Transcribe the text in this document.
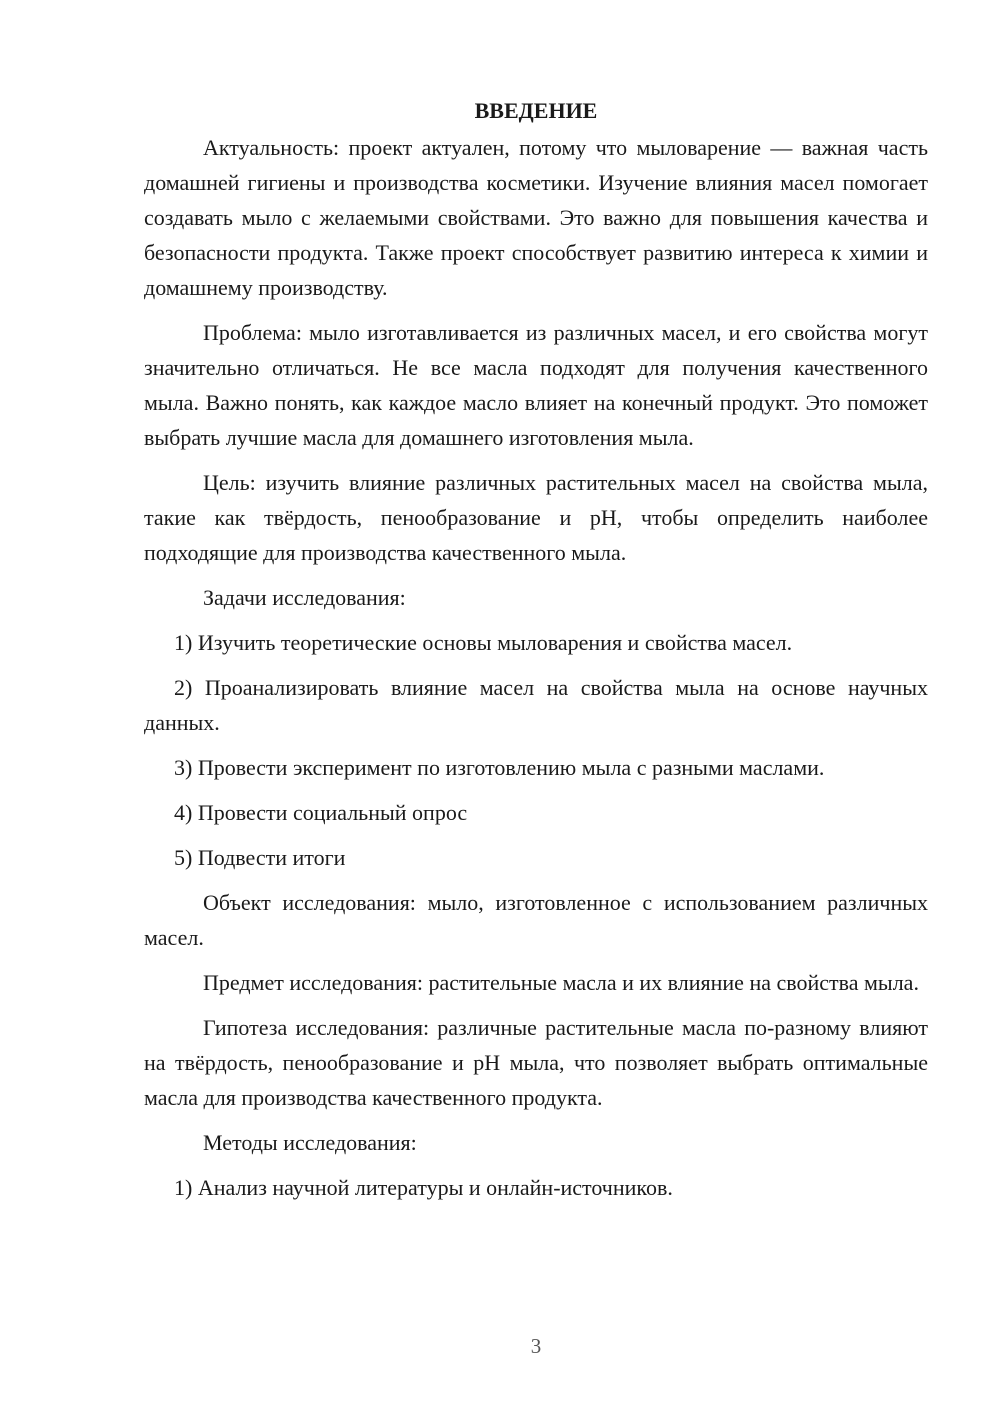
ВВЕДЕНИЕ

Актуальность: проект актуален, потому что мыловарение — важная часть домашней гигиены и производства косметики. Изучение влияния масел помогает создавать мыло с желаемыми свойствами. Это важно для повышения качества и безопасности продукта. Также проект способствует развитию интереса к химии и домашнему производству.

Проблема: мыло изготавливается из различных масел, и его свойства могут значительно отличаться. Не все масла подходят для получения качественного мыла. Важно понять, как каждое масло влияет на конечный продукт. Это поможет выбрать лучшие масла для домашнего изготовления мыла.

Цель: изучить влияние различных растительных масел на свойства мыла, такие как твёрдость, пенообразование и pH, чтобы определить наиболее подходящие для производства качественного мыла.

Задачи исследования:

1) Изучить теоретические основы мыловарения и свойства масел.

2) Проанализировать влияние масел на свойства мыла на основе научных данных.

3) Провести эксперимент по изготовлению мыла с разными маслами.

4) Провести социальный опрос

5) Подвести итоги

Объект исследования: мыло, изготовленное с использованием различных масел.

Предмет исследования: растительные масла и их влияние на свойства мыла.

Гипотеза исследования: различные растительные масла по-разному влияют на твёрдость, пенообразование и pH мыла, что позволяет выбрать оптимальные масла для производства качественного продукта.

Методы исследования:

1) Анализ научной литературы и онлайн-источников.

3
